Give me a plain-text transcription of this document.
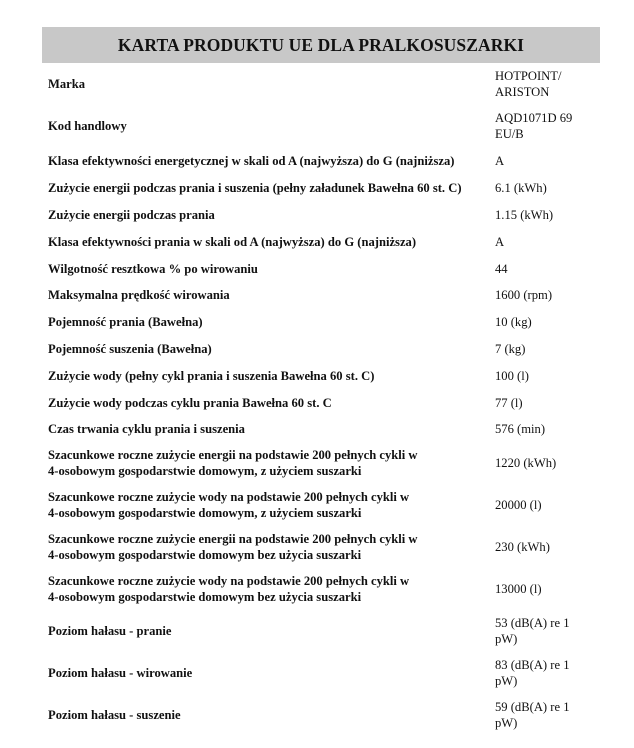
KARTA PRODUKTU UE DLA PRALKOSUSZARKI
Marka	HOTPOINT/
ARISTON
Kod handlowy	AQD1071D 69
EU/B
Klasa efektywności energetycznej w skali od A (najwyższa) do G (najniższa)	A
Zużycie energii podczas prania i suszenia (pełny załadunek Bawełna 60 st. C)	6.1 (kWh)
Zużycie energii podczas prania	1.15 (kWh)
Klasa efektywności prania w skali od A (najwyższa) do G (najniższa)	A
Wilgotność resztkowa % po wirowaniu	44
Maksymalna prędkość wirowania	1600 (rpm)
Pojemność prania (Bawełna)	10 (kg)
Pojemność suszenia (Bawełna)	7 (kg)
Zużycie wody (pełny cykl prania i suszenia Bawełna 60 st. C)	100 (l)
Zużycie wody podczas cyklu prania Bawełna 60 st. C	77 (l)
Czas trwania cyklu prania i suszenia	576 (min)
Szacunkowe roczne zużycie energii na podstawie 200 pełnych cykli w
4-osobowym gospodarstwie domowym, z użyciem suszarki	1220 (kWh)
Szacunkowe roczne zużycie wody na podstawie 200 pełnych cykli w
4-osobowym gospodarstwie domowym, z użyciem suszarki	20000 (l)
Szacunkowe roczne zużycie energii na podstawie 200 pełnych cykli w
4-osobowym gospodarstwie domowym bez użycia suszarki	230 (kWh)
Szacunkowe roczne zużycie wody na podstawie 200 pełnych cykli w
4-osobowym gospodarstwie domowym bez użycia suszarki	13000 (l)
Poziom hałasu - pranie	53 (dB(A) re 1
pW)
Poziom hałasu - wirowanie	83 (dB(A) re 1
pW)
Poziom hałasu - suszenie	59 (dB(A) re 1
pW)
